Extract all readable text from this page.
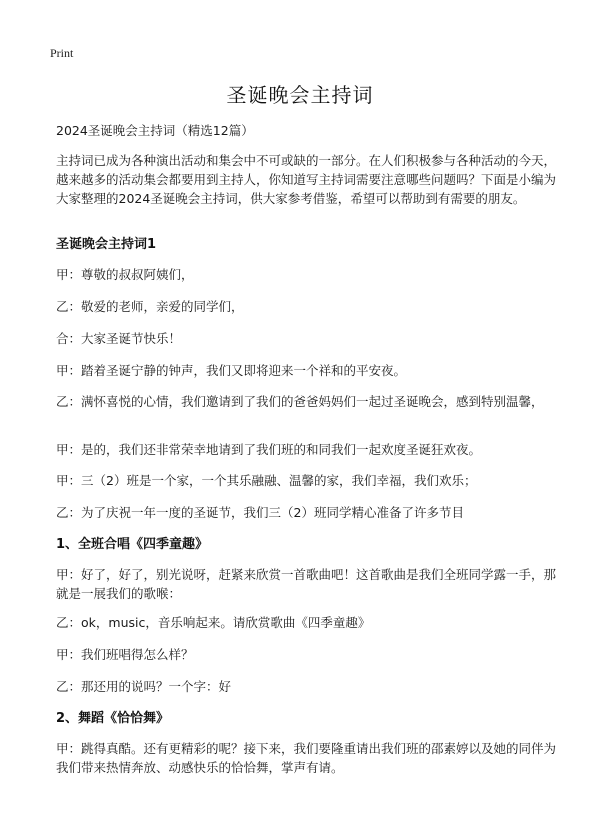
Print
圣诞晚会主持词

2024圣诞晚会主持词（精选12篇）

主持词已成为各种演出活动和集会中不可或缺的一部分。在人们积极参与各种活动的今天，越来越多的活动集会都要用到主持人，你知道写主持词需要注意哪些问题吗？下面是小编为大家整理的2024圣诞晚会主持词，供大家参考借鉴，希望可以帮助到有需要的朋友。

圣诞晚会主持词1

甲：尊敬的叔叔阿姨们，

乙：敬爱的老师，亲爱的同学们，

合：大家圣诞节快乐！

甲：踏着圣诞宁静的钟声，我们又即将迎来一个祥和的平安夜。

乙：满怀喜悦的心情，我们邀请到了我们的爸爸妈妈们一起过圣诞晚会，感到特别温馨，

甲：是的，我们还非常荣幸地请到了我们班的和同我们一起欢度圣诞狂欢夜。

甲：三（2）班是一个家，一个其乐融融、温馨的家，我们幸福，我们欢乐；

乙：为了庆祝一年一度的圣诞节，我们三（2）班同学精心准备了许多节目

1、全班合唱《四季童趣》

甲：好了，好了，别光说呀，赶紧来欣赏一首歌曲吧！这首歌曲是我们全班同学露一手，那就是一展我们的歌喉：

乙：ok，music，音乐响起来。请欣赏歌曲《四季童趣》

甲：我们班唱得怎么样？

乙：那还用的说吗？一个字：好

2、舞蹈《恰恰舞》

甲：跳得真酷。还有更精彩的呢？接下来，我们要隆重请出我们班的邵素婷以及她的同伴为我们带来热情奔放、动感快乐的恰恰舞，掌声有请。
